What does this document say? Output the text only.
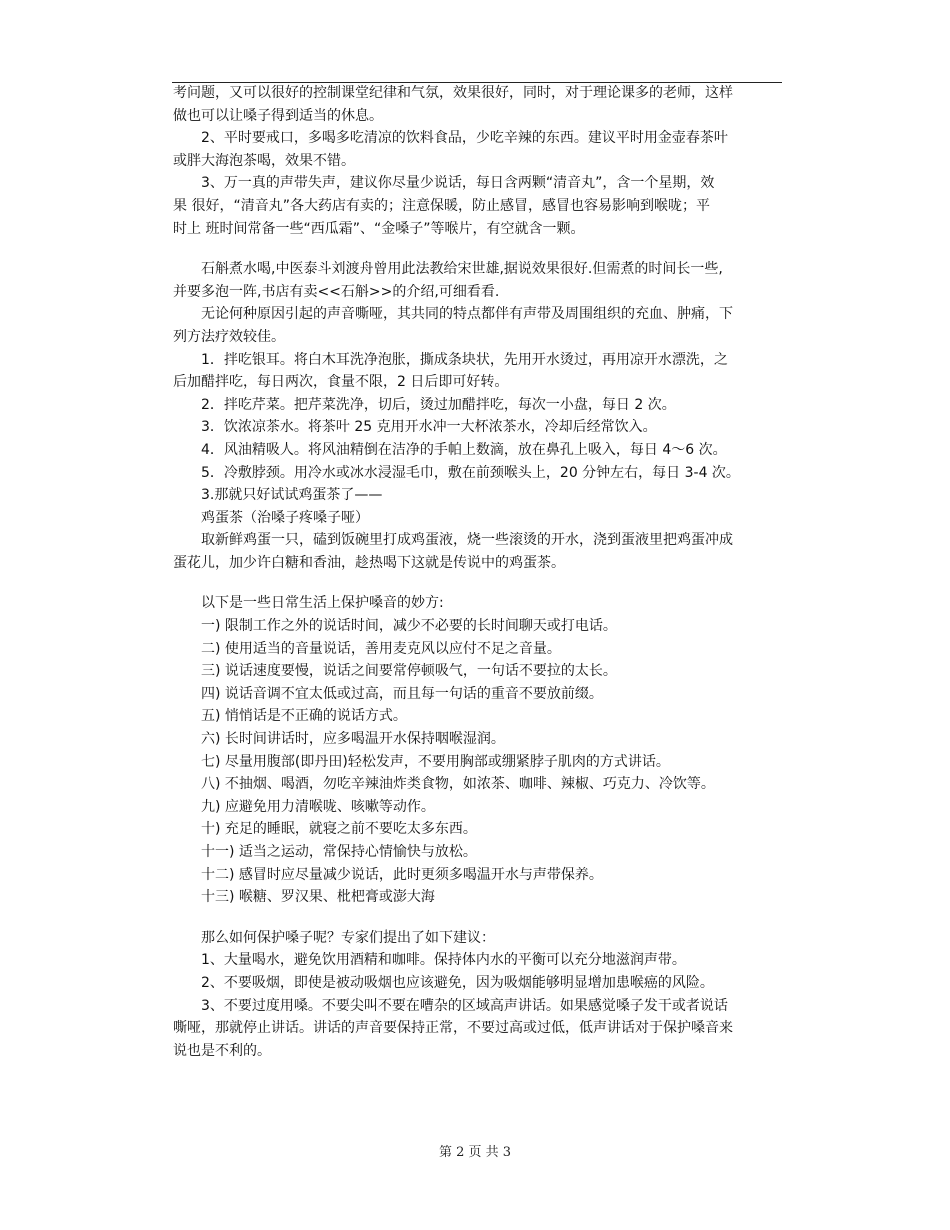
考问题，又可以很好的控制课堂纪律和气氛，效果很好，同时，对于理论课多的老师，这样

做也可以让嗓子得到适当的休息。

2、平时要戒口，多喝多吃清凉的饮料食品，少吃辛辣的东西。建议平时用金壶春茶叶

或胖大海泡茶喝，效果不错。

3、万一真的声带失声，建议你尽量少说话，每日含两颗“清音丸”，含一个星期，效

果 很好，“清音丸”各大药店有卖的；注意保暖，防止感冒，感冒也容易影响到喉咙；平

时上 班时间常备一些“西瓜霜”、“金嗓子”等喉片，有空就含一颗。

石斛煮水喝,中医泰斗刘渡舟曾用此法教给宋世雄,据说效果很好.但需煮的时间长一些,

并要多泡一阵,书店有卖<<石斛>>的介绍,可细看看.

无论何种原因引起的声音嘶哑，其共同的特点都伴有声带及周围组织的充血、肿痛，下

列方法疗效较佳。

1．拌吃银耳。将白木耳洗净泡胀，撕成条块状，先用开水烫过，再用凉开水漂洗，之

后加醋拌吃，每日两次，食量不限，2 日后即可好转。

2．拌吃芹菜。把芹菜洗净，切后，烫过加醋拌吃，每次一小盘，每日 2 次。

3．饮浓凉茶水。将茶叶 25 克用开水冲一大杯浓茶水，冷却后经常饮入。

4．风油精吸人。将风油精倒在洁净的手帕上数滴，放在鼻孔上吸入，每日 4～6 次。

5．冷敷脖颈。用冷水或冰水浸湿毛巾，敷在前颈喉头上，20 分钟左右，每日 3-4 次。

3.那就只好试试鸡蛋茶了——

鸡蛋茶（治嗓子疼嗓子哑）

取新鲜鸡蛋一只，磕到饭碗里打成鸡蛋液，烧一些滚烫的开水，浇到蛋液里把鸡蛋冲成

蛋花儿，加少许白糖和香油，趁热喝下这就是传说中的鸡蛋茶。

以下是一些日常生活上保护嗓音的妙方:

一) 限制工作之外的说话时间，减少不必要的长时间聊天或打电话。

二) 使用适当的音量说话，善用麦克风以应付不足之音量。

三) 说话速度要慢，说话之间要常停顿吸气，一句话不要拉的太长。

四) 说话音调不宜太低或过高，而且每一句话的重音不要放前缀。

五) 悄悄话是不正确的说话方式。

六) 长时间讲话时，应多喝温开水保持咽喉湿润。

七) 尽量用腹部(即丹田)轻松发声，不要用胸部或绷紧脖子肌肉的方式讲话。

八) 不抽烟、喝酒，勿吃辛辣油炸类食物，如浓茶、咖啡、辣椒、巧克力、冷饮等。

九) 应避免用力清喉咙、咳嗽等动作。

十) 充足的睡眠，就寝之前不要吃太多东西。

十一) 适当之运动，常保持心情愉快与放松。

十二) 感冒时应尽量减少说话，此时更须多喝温开水与声带保养。

十三) 喉糖、罗汉果、枇杷膏或澎大海

那么如何保护嗓子呢？专家们提出了如下建议：

1、大量喝水，避免饮用酒精和咖啡。保持体内水的平衡可以充分地滋润声带。

2、不要吸烟，即使是被动吸烟也应该避免，因为吸烟能够明显增加患喉癌的风险。

3、不要过度用嗓。不要尖叫不要在嘈杂的区域高声讲话。如果感觉嗓子发干或者说话

嘶哑，那就停止讲话。讲话的声音要保持正常，不要过高或过低，低声讲话对于保护嗓音来

说也是不利的。

第 2 页 共 3
